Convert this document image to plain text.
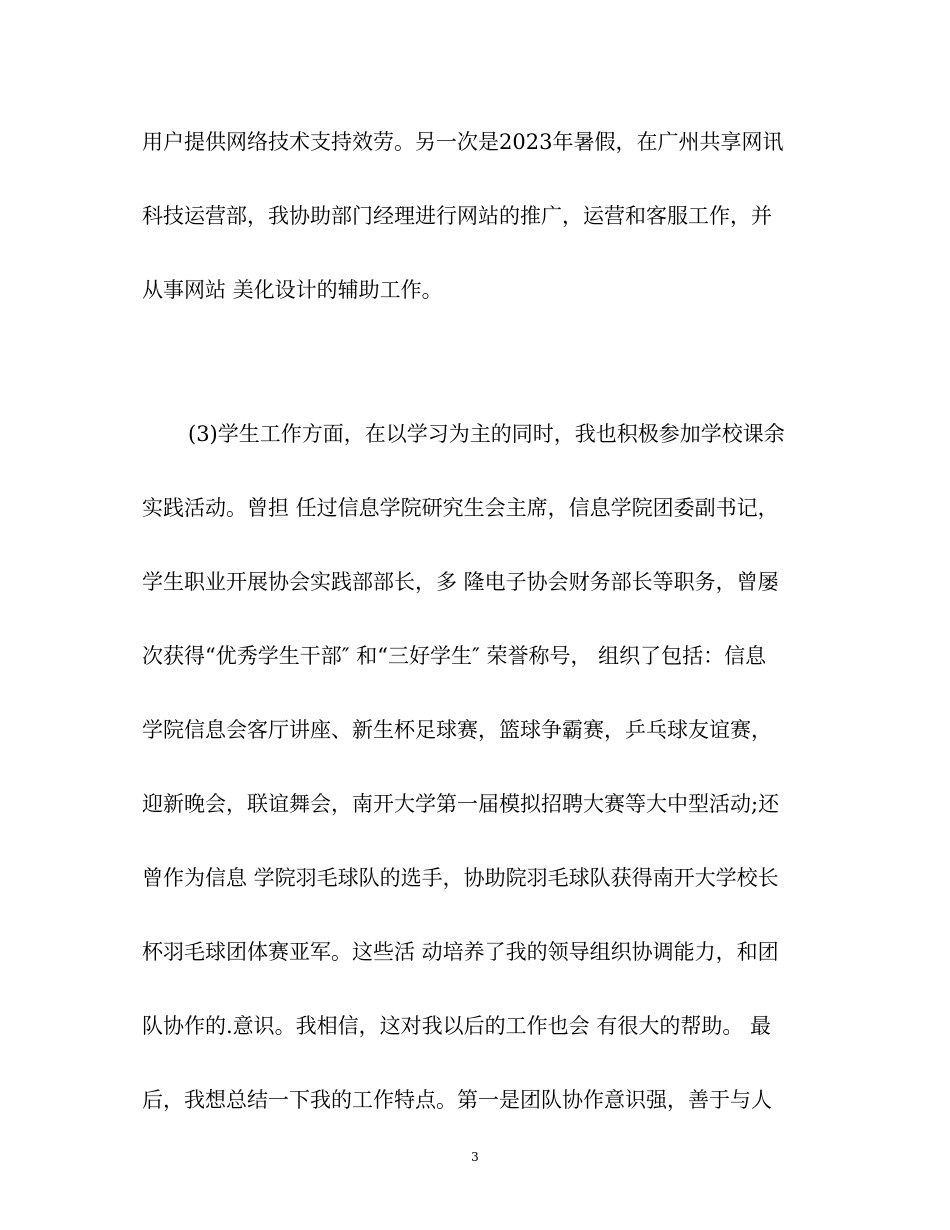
用户提供网络技术支持效劳。另一次是2023年暑假，在广州共享网讯
科技运营部，我协助部门经理进行网站的推广，运营和客服工作，并
从事网站 美化设计的辅助工作。
(3)学生工作方面，在以学习为主的同时，我也积极参加学校课余
实践活动。曾担 任过信息学院研究生会主席，信息学院团委副书记，
学生职业开展协会实践部部长，多 隆电子协会财务部长等职务，曾屡
次获得“优秀学生干部″ 和“三好学生″ 荣誉称号， 组织了包括：信息
学院信息会客厅讲座、新生杯足球赛，篮球争霸赛，乒乓球友谊赛，
迎新晚会，联谊舞会，南开大学第一届模拟招聘大赛等大中型活动;还
曾作为信息 学院羽毛球队的选手，协助院羽毛球队获得南开大学校长
杯羽毛球团体赛亚军。这些活 动培养了我的领导组织协调能力，和团
队协作的.意识。我相信，这对我以后的工作也会 有很大的帮助。 最
后，我想总结一下我的工作特点。第一是团队协作意识强，善于与人
3
